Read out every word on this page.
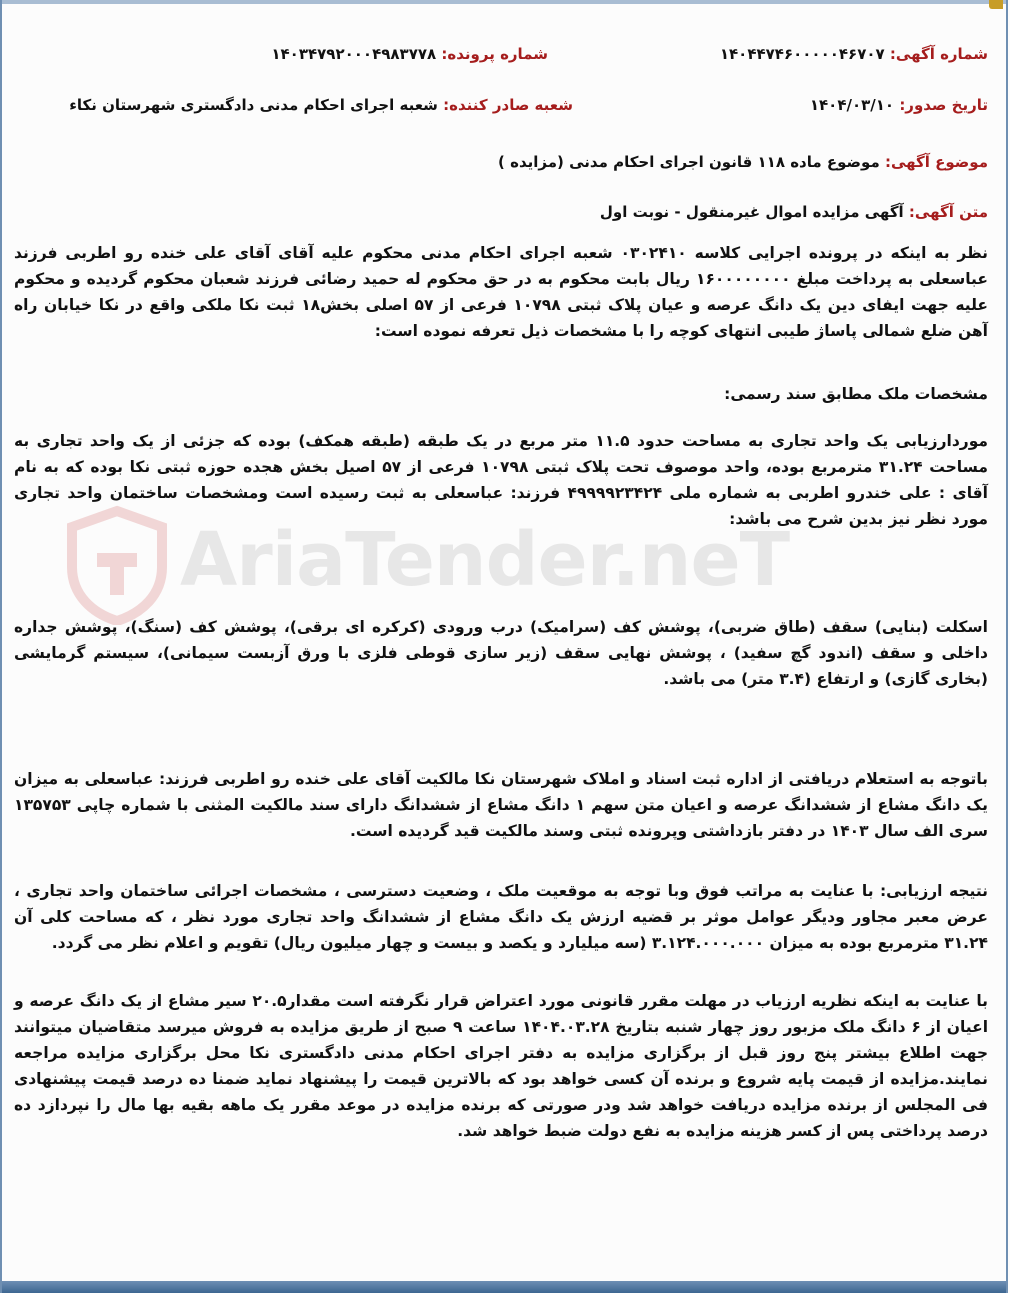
AriaTender.neT
شماره آگهی: ۱۴۰۴۴۷۴۶۰۰۰۰۰۴۶۷۰۷
شماره پرونده: ۱۴۰۳۴۷۹۲۰۰۰۴۹۸۳۷۷۸
تاریخ صدور: ۱۴۰۴/۰۳/۱۰
شعبه صادر کننده: شعبه اجرای احکام مدنی دادگستری شهرستان نکاء
موضوع آگهی: موضوع ماده ۱۱۸ قانون اجرای احکام مدنی (مزایده )
متن آگهی: آگهی مزایده اموال غیرمنقول - نوبت اول
نظر به اینکه در پرونده اجرایی کلاسه ۰۳۰۲۴۱۰ شعبه اجرای احکام مدنی محکوم علیه آقای آقای علی خنده رو اطربی فرزند عباسعلی به پرداخت مبلغ ۱۶۰۰۰۰۰۰۰۰ ریال بابت محکوم به در حق محکوم له حمید رضائی فرزند شعبان محکوم گردیده و محکوم علیه جهت ایفای دین یک دانگ عرصه و عیان پلاک ثبتی ۱۰۷۹۸ فرعی از ۵۷ اصلی بخش۱۸ ثبت نکا ملکی واقع در نکا خیابان راه آهن ضلع شمالی پاساژ طیبی انتهای کوچه را با مشخصات ذیل تعرفه نموده است:
مشخصات ملک مطابق سند رسمی:
موردارزیابی یک واحد تجاری به مساحت حدود ۱۱.۵ متر مربع در یک طبقه (طبقه همکف) بوده که جزئی از یک واحد تجاری به مساحت ۳۱.۲۴ مترمربع بوده، واحد موصوف تحت پلاک ثبتی ۱۰۷۹۸ فرعی از ۵۷ اصیل بخش هجده حوزه ثبتی نکا بوده که به نام آقای : علی خندرو اطربی به شماره ملی ۴۹۹۹۹۲۳۴۲۴ فرزند: عباسعلی به ثبت رسیده است ومشخصات ساختمان واحد تجاری مورد نظر نیز بدین شرح می باشد:
اسکلت (بنایی) سقف (طاق ضربی)، پوشش کف (سرامیک) درب ورودی (کرکره ای برقی)، پوشش کف (سنگ)، پوشش جداره داخلی و سقف (اندود گچ سفید) ، پوشش نهایی سقف (زیر سازی قوطی فلزی با ورق آزبست سیمانی)، سیستم گرمایشی (بخاری گازی) و ارتفاع (۳.۴ متر) می باشد.
باتوجه به استعلام دریافتی از اداره ثبت اسناد و املاک شهرستان نکا مالکیت آقای علی خنده رو اطربی فرزند: عباسعلی به میزان یک دانگ مشاع از ششدانگ عرصه و اعیان متن سهم ۱ دانگ مشاع از ششدانگ دارای سند مالکیت المثنی با شماره چاپی ۱۳۵۷۵۳ سری الف سال ۱۴۰۳ در دفتر بازداشتی وپرونده ثبتی وسند مالکیت قید گردیده است.
نتیجه ارزیابی: با عنایت به مراتب فوق وبا توجه به موقعیت ملک ، وضعیت دسترسی ، مشخصات اجرائی ساختمان واحد تجاری ، عرض معبر مجاور ودیگر عوامل موثر بر قضیه ارزش یک دانگ مشاع از ششدانگ واحد تجاری مورد نظر ، که مساحت کلی آن ۳۱.۲۴ مترمربع بوده به میزان ۳.۱۲۴.۰۰۰.۰۰۰ (سه میلیارد و یکصد و بیست و چهار میلیون ریال) تقویم و اعلام نظر می گردد.
با عنایت به اینکه نظریه ارزیاب در مهلت مقرر قانونی مورد اعتراض قرار نگرفته است مقدار۲۰.۵ سیر مشاع از یک دانگ عرصه و اعیان از ۶ دانگ ملک مزبور روز چهار شنبه بتاریخ ۱۴۰۴.۰۳.۲۸ ساعت ۹ صبح از طریق مزایده به فروش میرسد متقاضیان میتوانند جهت اطلاع بیشتر پنج روز قبل از برگزاری مزایده به دفتر اجرای احکام مدنی دادگستری نکا محل برگزاری مزایده مراجعه نمایند.مزایده از قیمت پایه شروع و برنده آن کسی خواهد بود که بالاترین قیمت را پیشنهاد نماید ضمنا ده درصد قیمت پیشنهادی فی المجلس از برنده مزایده دریافت خواهد شد ودر صورتی که برنده مزایده در موعد مقرر یک ماهه بقیه بها مال را نپردازد ده درصد پرداختی پس از کسر هزینه مزایده به نفع دولت ضبط خواهد شد.
